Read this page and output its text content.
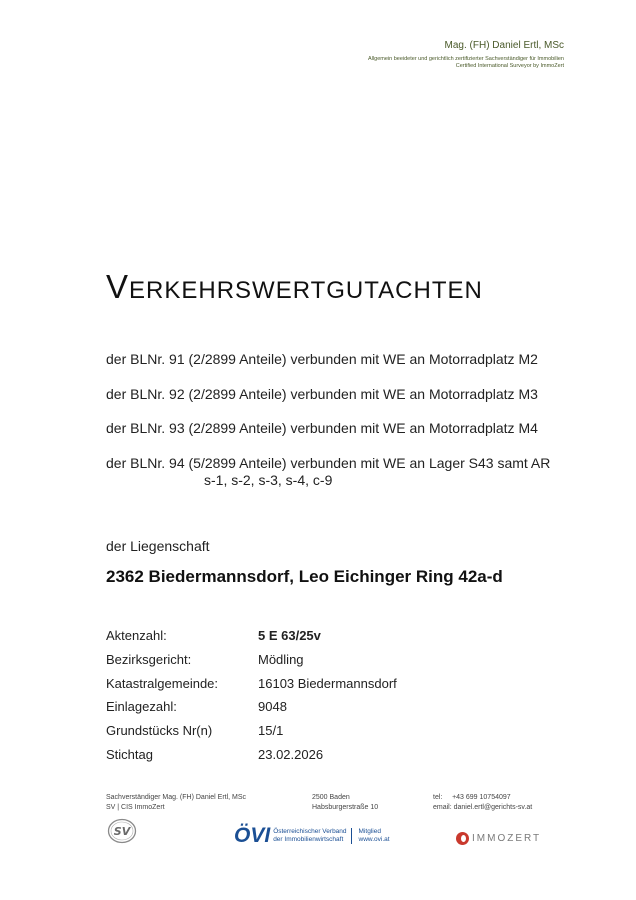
Mag. (FH) Daniel Ertl, MSc
Allgemein beeideter und gerichtlich zertifizierter Sachverständiger für Immobilien
Certified International Surveyor by ImmoZert
VERKEHRSWERTGUTACHTEN
der BLNr. 91 (2/2899 Anteile) verbunden mit WE an Motorradplatz M2
der BLNr. 92 (2/2899 Anteile) verbunden mit WE an Motorradplatz M3
der BLNr. 93 (2/2899 Anteile) verbunden mit WE an Motorradplatz M4
der BLNr. 94 (5/2899 Anteile) verbunden mit WE an Lager S43 samt AR
s-1, s-2, s-3, s-4, c-9
der Liegenschaft
2362 Biedermannsdorf, Leo Eichinger Ring 42a-d
Aktenzahl:	5 E 63/25v
Bezirksgericht:	Mödling
Katastralgemeinde:	16103 Biedermannsdorf
Einlagezahl:	9048
Grundstücks Nr(n)	15/1
Stichtag	23.02.2026
Sachverständiger Mag. (FH) Daniel Ertl, MSc
SV | CIS ImmoZert
2500 Baden
Habsburgerstraße 10
tel: +43 699 10754097
email: daniel.ertl@gerichts-sv.at
SV	ÖVI Österreichischer Verband
der ImmobilienwirtschaftMitglied
www.ovi.at	IMMOZERT
